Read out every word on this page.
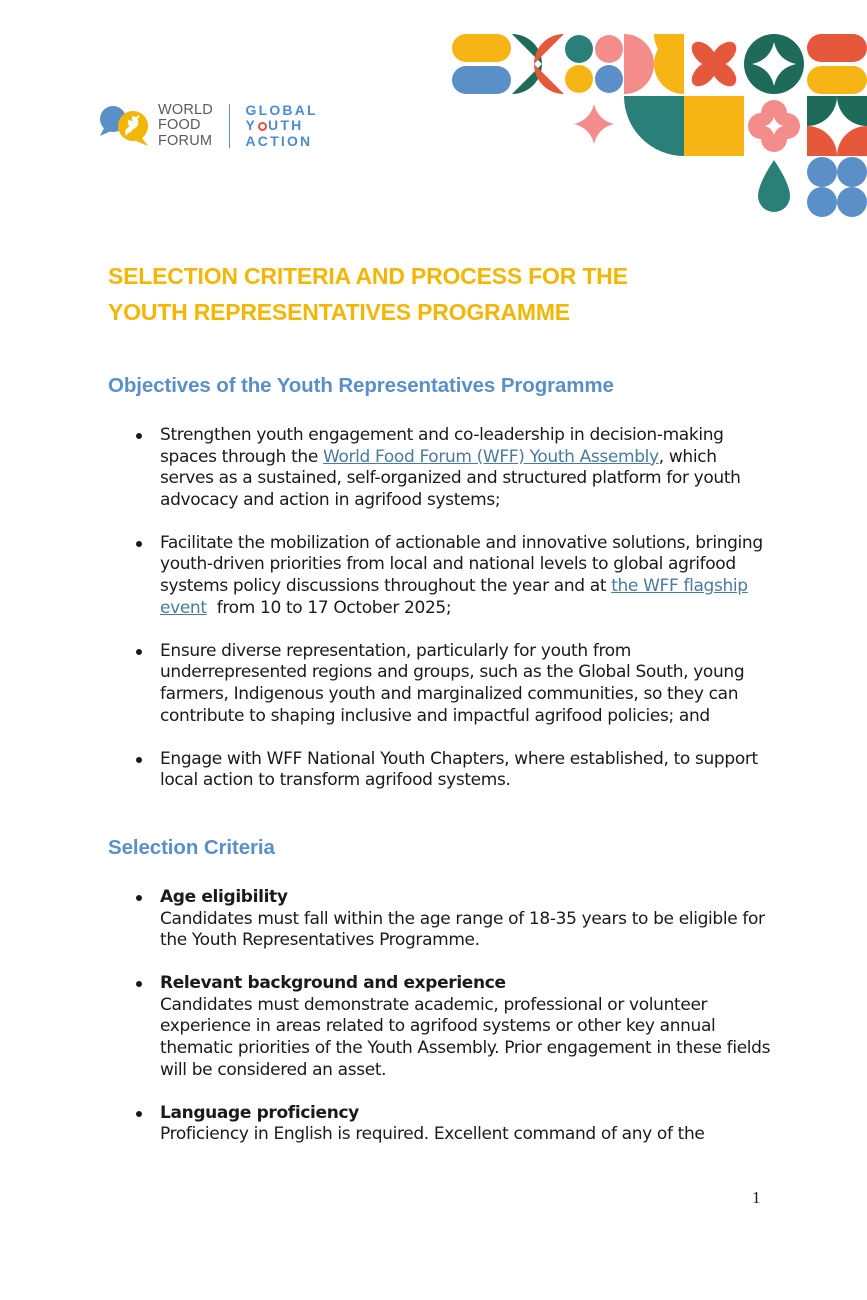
WORLD
FOOD
FORUM
GLOBAL
Y UTH
ACTION
SELECTION CRITERIA AND PROCESS FOR THE
YOUTH REPRESENTATIVES PROGRAMME
Objectives of the Youth Representatives Programme
Strengthen youth engagement and co-leadership in decision-making spaces through the World Food Forum (WFF) Youth Assembly, which serves as a sustained, self-organized and structured platform for youth advocacy and action in agrifood systems;
Facilitate the mobilization of actionable and innovative solutions, bringing youth-driven priorities from local and national levels to global agrifood systems policy discussions throughout the year and at the WFF flagship event  from 10 to 17 October 2025;
Ensure diverse representation, particularly for youth from underrepresented regions and groups, such as the Global South, young farmers, Indigenous youth and marginalized communities, so they can contribute to shaping inclusive and impactful agrifood policies; and
Engage with WFF National Youth Chapters, where established, to support local action to transform agrifood systems.
Selection Criteria
Age eligibility
Candidates must fall within the age range of 18-35 years to be eligible for the Youth Representatives Programme.
Relevant background and experience
Candidates must demonstrate academic, professional or volunteer experience in areas related to agrifood systems or other key annual thematic priorities of the Youth Assembly. Prior engagement in these fields will be considered an asset.
Language proficiency
Proficiency in English is required. Excellent command of any of the
1
